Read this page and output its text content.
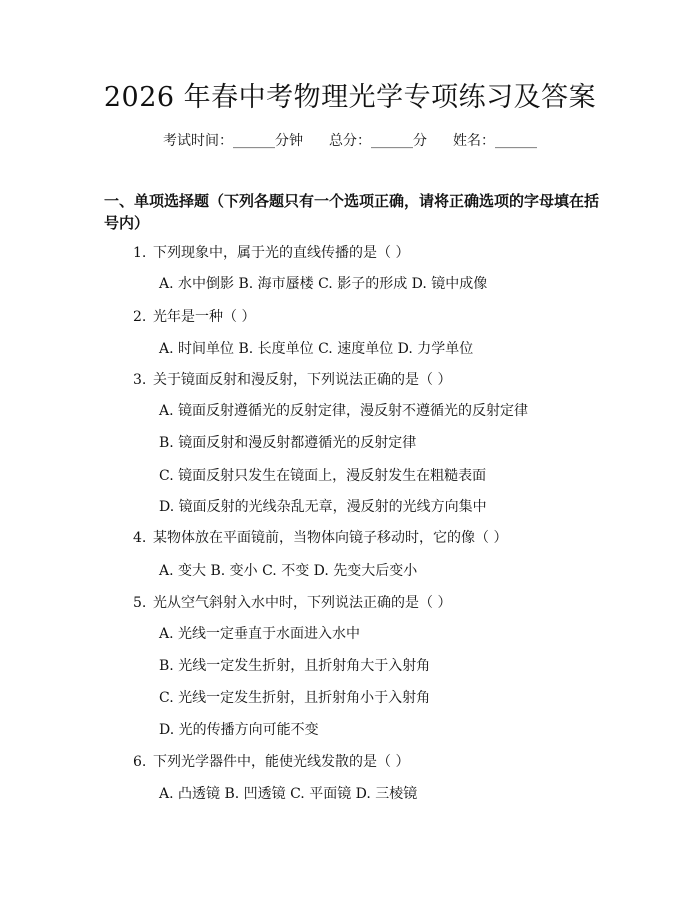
2026 年春中考物理光学专项练习及答案
考试时间：______分钟 总分：______分 姓名：______
一、单项选择题（下列各题只有一个选项正确，请将正确选项的字母填在括号内）
1. 下列现象中，属于光的直线传播的是（ ）
A. 水中倒影 B. 海市蜃楼 C. 影子的形成 D. 镜中成像
2. 光年是一种（ ）
A. 时间单位 B. 长度单位 C. 速度单位 D. 力学单位
3. 关于镜面反射和漫反射，下列说法正确的是（ ）
A. 镜面反射遵循光的反射定律，漫反射不遵循光的反射定律
B. 镜面反射和漫反射都遵循光的反射定律
C. 镜面反射只发生在镜面上，漫反射发生在粗糙表面
D. 镜面反射的光线杂乱无章，漫反射的光线方向集中
4. 某物体放在平面镜前，当物体向镜子移动时，它的像（ ）
A. 变大 B. 变小 C. 不变 D. 先变大后变小
5. 光从空气斜射入水中时，下列说法正确的是（ ）
A. 光线一定垂直于水面进入水中
B. 光线一定发生折射，且折射角大于入射角
C. 光线一定发生折射，且折射角小于入射角
D. 光的传播方向可能不变
6. 下列光学器件中，能使光线发散的是（ ）
A. 凸透镜 B. 凹透镜 C. 平面镜 D. 三棱镜
